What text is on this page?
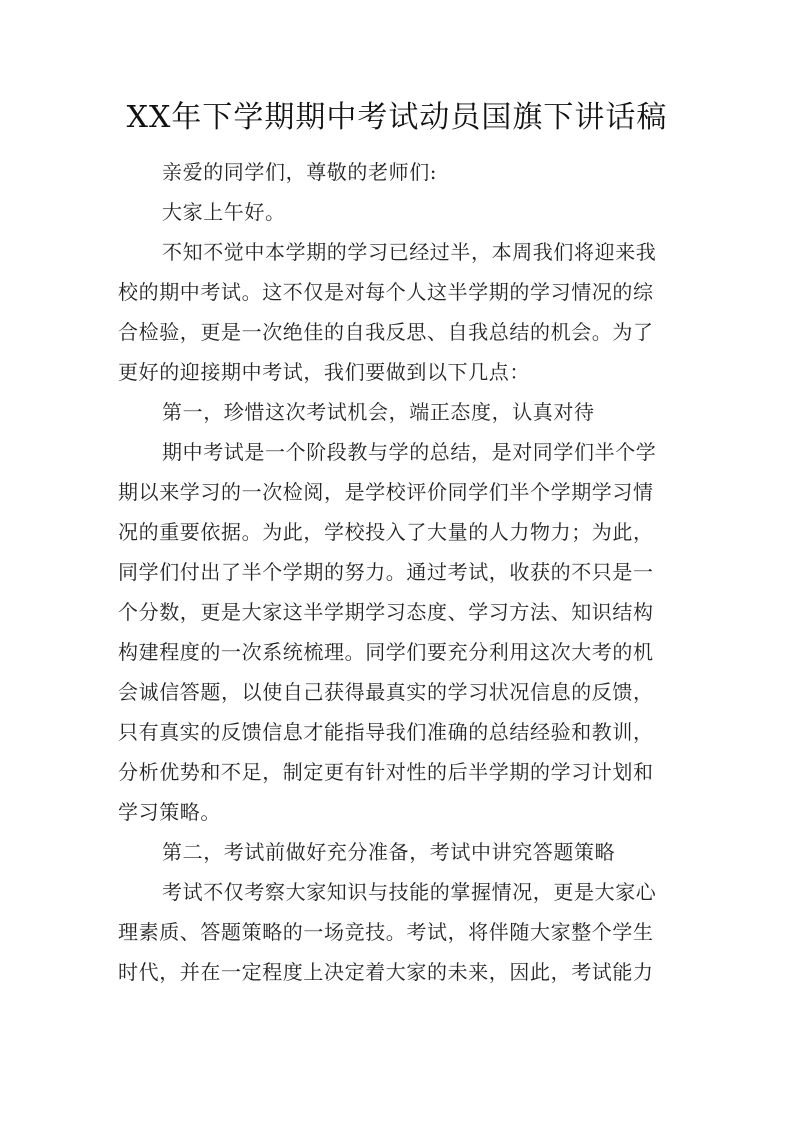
XX年下学期期中考试动员国旗下讲话稿
亲爱的同学们，尊敬的老师们:
大家上午好。
不知不觉中本学期的学习已经过半，本周我们将迎来我
校的期中考试。这不仅是对每个人这半学期的学习情况的综
合检验，更是一次绝佳的自我反思、自我总结的机会。为了
更好的迎接期中考试，我们要做到以下几点：
第一，珍惜这次考试机会，端正态度，认真对待
期中考试是一个阶段教与学的总结，是对同学们半个学
期以来学习的一次检阅，是学校评价同学们半个学期学习情
况的重要依据。为此，学校投入了大量的人力物力；为此，
同学们付出了半个学期的努力。通过考试，收获的不只是一
个分数，更是大家这半学期学习态度、学习方法、知识结构
构建程度的一次系统梳理。同学们要充分利用这次大考的机
会诚信答题，以使自己获得最真实的学习状况信息的反馈，
只有真实的反馈信息才能指导我们准确的总结经验和教训，
分析优势和不足，制定更有针对性的后半学期的学习计划和
学习策略。
第二，考试前做好充分准备，考试中讲究答题策略
考试不仅考察大家知识与技能的掌握情况，更是大家心
理素质、答题策略的一场竞技。考试，将伴随大家整个学生
时代，并在一定程度上决定着大家的未来，因此，考试能力
